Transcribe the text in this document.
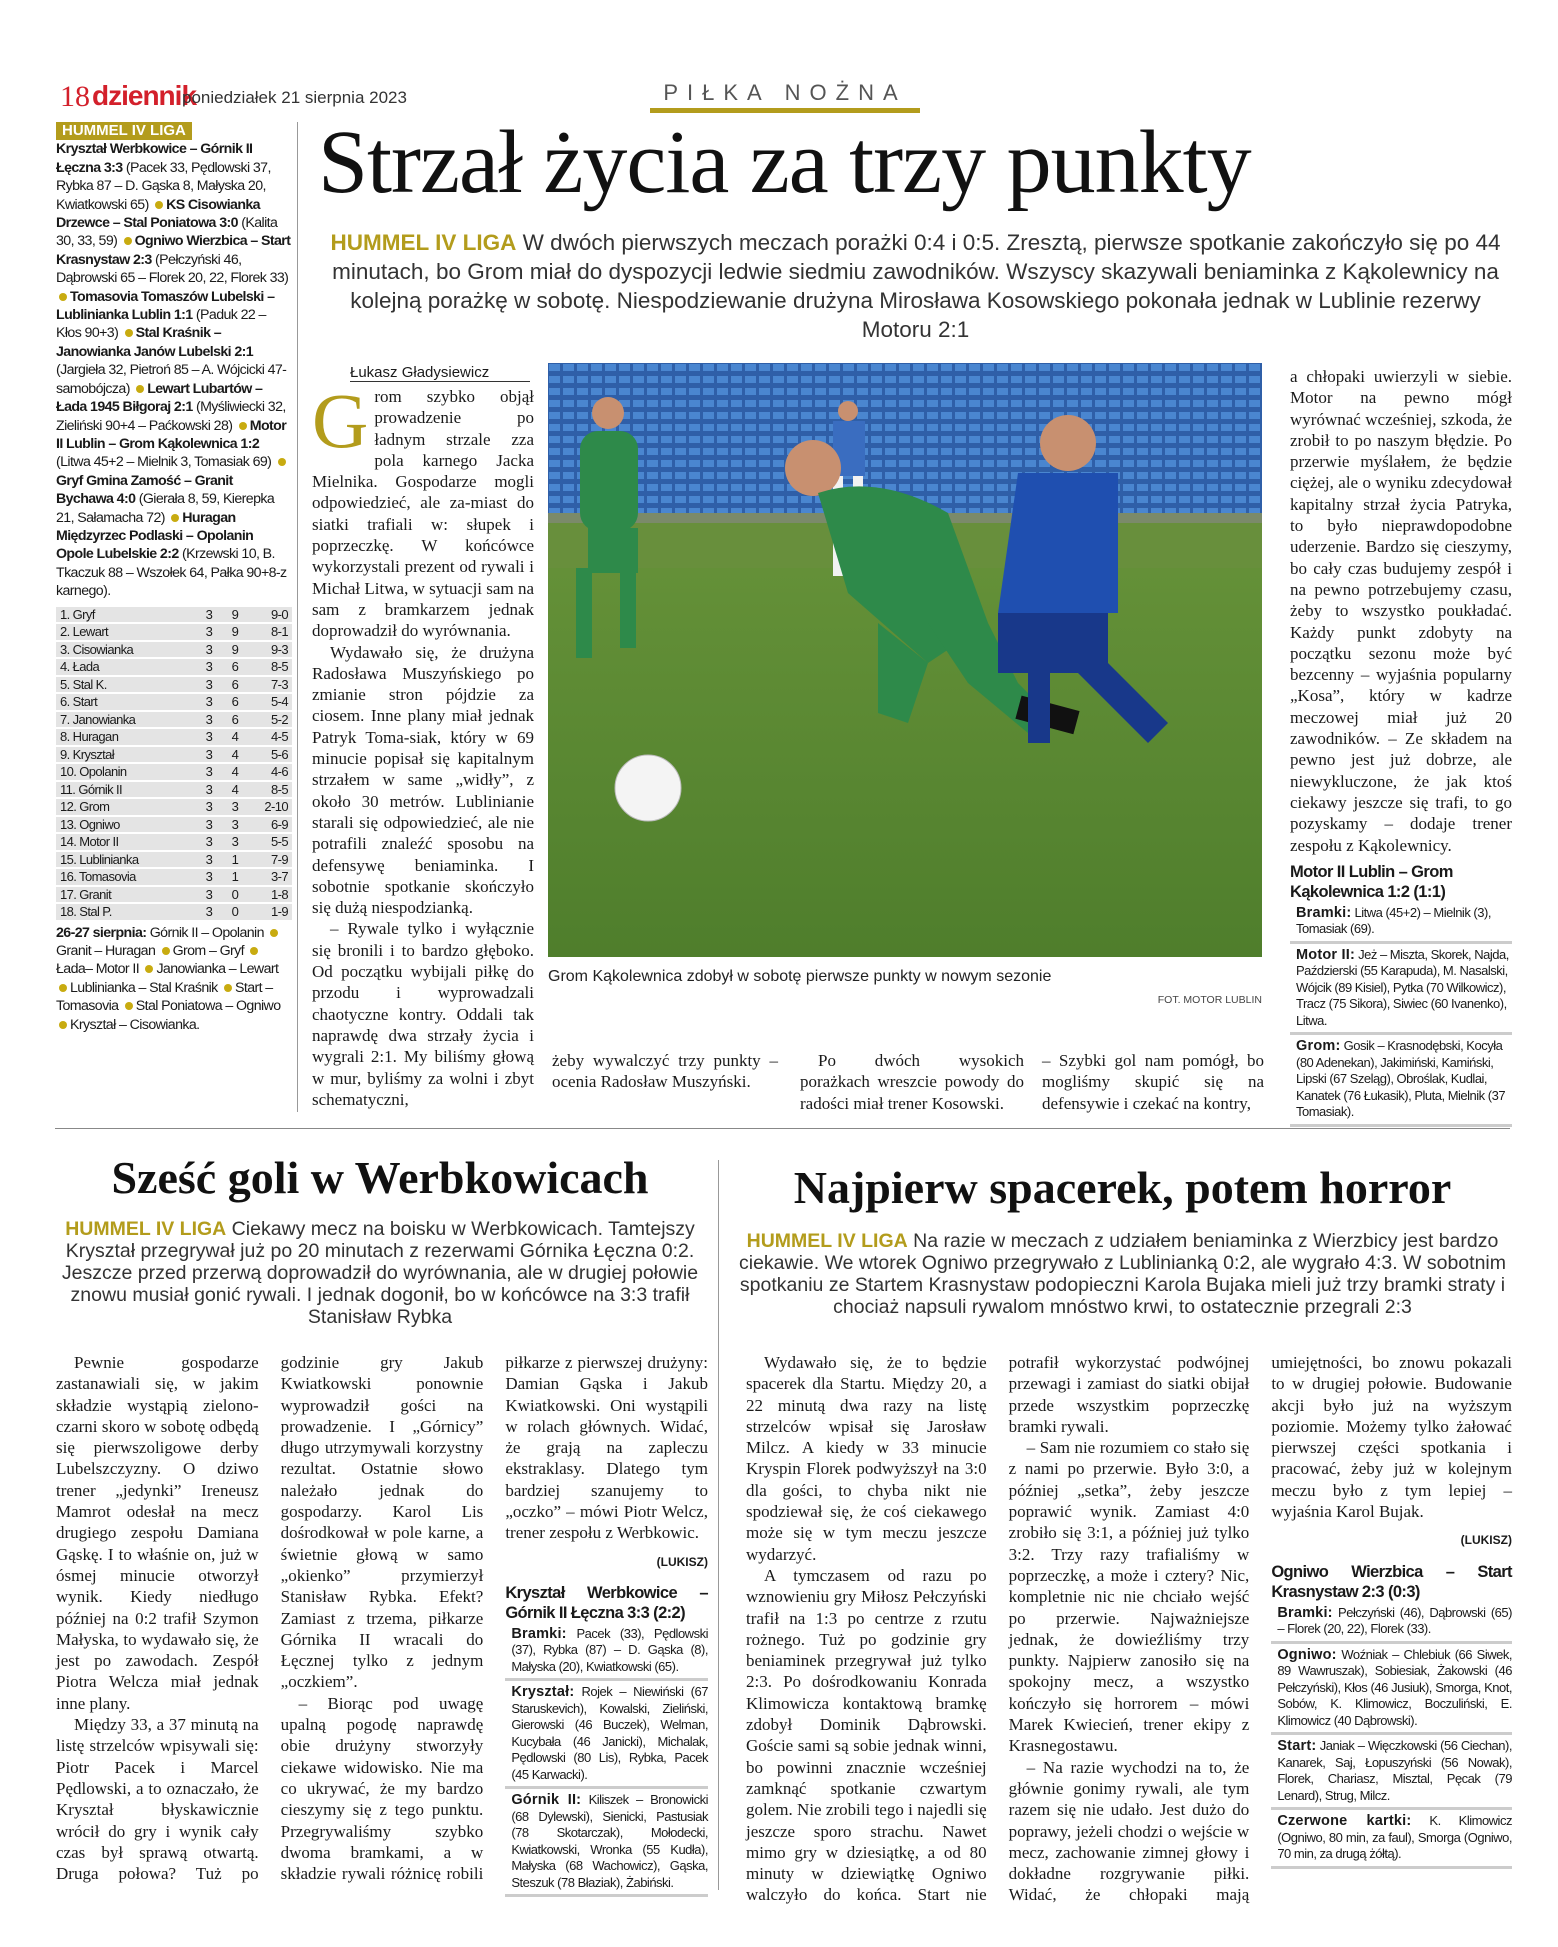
18 dziennik
poniedziałek 21 sierpnia 2023	PIŁKA NOŻNA
HUMMEL IV LIGA
Kryształ Werbkowice – Górnik II Łęczna 3:3 (Pacek 33, Pędlowski 37, Rybka 87 – D. Gąska 8, Małyska 20, Kwiatkowski 65) KS Cisowianka Drzewce – Stal Poniatowa 3:0 (Kalita 30, 33, 59) Ogniwo Wierzbica – Start Krasnystaw 2:3 (Pełczyński 46, Dąbrowski 65 – Florek 20, 22, Florek 33) Tomasovia Tomaszów Lubelski – Lublinianka Lublin 1:1 (Paduk 22 – Kłos 90+3) Stal Kraśnik – Janowianka Janów Lubelski 2:1 (Jargieła 32, Pietroń 85 – A. Wójcicki 47-samobójcza) Lewart Lubartów – Łada 1945 Biłgoraj 2:1 (Myśliwiecki 32, Zieliński 90+4 – Paćkowski 28) Motor II Lublin – Grom Kąkolewnica 1:2 (Litwa 45+2 – Mielnik 3, Tomasiak 69) Gryf Gmina Zamość – Granit Bychawa 4:0 (Gierała 8, 59, Kierepka 21, Sałamacha 72) Huragan Międzyrzec Podlaski – Opolanin Opole Lubelskie 2:2 (Krzewski 10, B. Tkaczuk 88 – Wszołek 64, Pałka 90+8-z karnego).
1. Gryf	3	9	9-0
2. Lewart	3	9	8-1
3. Cisowianka	3	9	9-3
4. Łada	3	6	8-5
5. Stal K.	3	6	7-3
6. Start	3	6	5-4
7. Janowianka	3	6	5-2
8. Huragan	3	4	4-5
9. Kryształ	3	4	5-6
10. Opolanin	3	4	4-6
11. Górnik II	3	4	8-5
12. Grom	3	3	2-10
13. Ogniwo	3	3	6-9
14. Motor II	3	3	5-5
15. Lublinianka	3	1	7-9
16. Tomasovia	3	1	3-7
17. Granit	3	0	1-8
18. Stal P.	3	0	1-9
26-27 sierpnia: Górnik II – Opolanin Granit – Huragan Grom – Gryf Łada– Motor II Janowianka – Lewart Lublinianka – Stal Kraśnik Start – Tomasovia Stal Poniatowa – Ogniwo Kryształ – Cisowianka.
Strzał życia za trzy punkty
HUMMEL IV LIGA W dwóch pierwszych meczach porażki 0:4 i 0:5. Zresztą, pierwsze spotkanie zakończyło się po 44 minutach, bo Grom miał do dyspozycji ledwie siedmiu zawodników. Wszyscy skazywali beniaminka z Kąkolewnicy na kolejną porażkę w sobotę. Niespodziewanie drużyna Mirosława Kosowskiego pokonała jednak w Lublinie rezerwy Motoru 2:1
Łukasz Gładysiewicz

Grom szybko objął prowadzenie po ładnym strzale zza pola karnego Jacka Mielnika. Gospodarze mogli odpowiedzieć, ale za-miast do siatki trafiali w: słupek i poprzeczkę. W końcówce wykorzystali prezent od rywali i Michał Litwa, w sytuacji sam na sam z bramkarzem jednak doprowadził do wyrównania.

Wydawało się, że drużyna Radosława Muszyńskiego po zmianie stron pójdzie za ciosem. Inne plany miał jednak Patryk Toma-siak, który w 69 minucie popisał się kapitalnym strzałem w same „widły”, z około 30 metrów. Lublinianie starali się odpowiedzieć, ale nie potrafili znaleźć sposobu na defensywę beniaminka. I sobotnie spotkanie skończyło się dużą niespodzianką.

– Rywale tylko i wyłącznie się bronili i to bardzo głęboko. Od początku wybijali piłkę do przodu i wyprowadzali chaotyczne kontry. Oddali tak naprawdę dwa strzały życia i wygrali 2:1. My biliśmy głową w mur, byliśmy za wolni i zbyt schematyczni,

Grom Kąkolewnica zdobył w sobotę pierwsze punkty w nowym sezonie
FOT. MOTOR LUBLIN

żeby wywalczyć trzy punkty – ocenia Radosław Muszyński.

Po dwóch wysokich porażkach wreszcie powody do radości miał trener Kosowski.

– Szybki gol nam pomógł, bo mogliśmy skupić się na defensywie i czekać na kontry,

a chłopaki uwierzyli w siebie. Motor na pewno mógł wyrównać wcześniej, szkoda, że zrobił to po naszym błędzie. Po przerwie myślałem, że będzie ciężej, ale o wyniku zdecydował kapitalny strzał życia Patryka, to było nieprawdopodobne uderzenie. Bardzo się cieszymy, bo cały czas budujemy zespół i na pewno potrzebujemy czasu, żeby to wszystko poukładać. Każdy punkt zdobyty na początku sezonu może być bezcenny – wyjaśnia popularny „Kosa”, który w kadrze meczowej miał już 20 zawodników. – Ze składem na pewno jest już dobrze, ale niewykluczone, że jak ktoś ciekawy jeszcze się trafi, to go pozyskamy – dodaje trener zespołu z Kąkolewnicy.

Motor II Lublin – Grom Kąkolewnica 1:2 (1:1)
Bramki: Litwa (45+2) – Mielnik (3), Tomasiak (69).
Motor II: Jeż – Miszta, Skorek, Najda, Paździerski (55 Karapuda), M. Nasalski, Wójcik (89 Kisiel), Pytka (70 Wilkowicz), Tracz (75 Sikora), Siwiec (60 Ivanenko), Litwa.
Grom: Gosik – Krasnodębski, Kocyła (80 Adenekan), Jakimiński, Kamiński, Lipski (67 Szeląg), Obroślak, Kudlai, Kanatek (76 Łukasik), Pluta, Mielnik (37 Tomasiak).
Sześć goli w Werbkowicach
HUMMEL IV LIGA Ciekawy mecz na boisku w Werbkowicach. Tamtejszy Kryształ przegrywał już po 20 minutach z rezerwami Górnika Łęczna 0:2. Jeszcze przed przerwą doprowadził do wyrównania, ale w drugiej połowie znowu musiał gonić rywali. I jednak dogonił, bo w końcówce na 3:3 trafił Stanisław Rybka

Pewnie gospodarze zastanawiali się, w jakim składzie wystąpią zielono-czarni skoro w sobotę odbędą się pierwszoligowe derby Lubelszczyzny. O dziwo trener „jedynki” Ireneusz Mamrot odesłał na mecz drugiego zespołu Damiana Gąskę. I to właśnie on, już w ósmej minucie otworzył wynik. Kiedy niedługo później na 0:2 trafił Szymon Małyska, to wydawało się, że jest po zawodach. Zespół Piotra Welcza miał jednak inne plany.

Między 33, a 37 minutą na listę strzelców wpisywali się: Piotr Pacek i Marcel Pędlowski, a to oznaczało, że Kryształ błyskawicznie wrócił do gry i wynik cały czas był sprawą otwartą. Druga połowa? Tuż po godzinie gry Jakub Kwiatkowski ponownie wyprowadził gości na prowadzenie. I „Górnicy” długo utrzymywali korzystny rezultat. Ostatnie słowo należało jednak do gospodarzy. Karol Lis dośrodkował w pole karne, a świetnie głową w samo „okienko” przymierzył Stanisław Rybka. Efekt? Zamiast z trzema, piłkarze Górnika II wracali do Łęcznej tylko z jednym „oczkiem”.

– Biorąc pod uwagę upalną pogodę naprawdę obie drużyny stworzyły ciekawe widowisko. Nie ma co ukrywać, że my bardzo cieszymy się z tego punktu. Przegrywaliśmy szybko dwoma bramkami, a w składzie rywali różnicę robili piłkarze z pierwszej drużyny: Damian Gąska i Jakub Kwiatkowski. Oni wystąpili w rolach głównych. Widać, że grają na zapleczu ekstraklasy. Dlatego tym bardziej szanujemy to „oczko” – mówi Piotr Welcz, trener zespołu z Werbkowic.

(LUKISZ)
Kryształ Werbkowice – Górnik II Łęczna 3:3 (2:2)
Bramki: Pacek (33), Pędlowski (37), Rybka (87) – D. Gąska (8), Małyska (20), Kwiatkowski (65).
Kryształ: Rojek – Niewiński (67 Staruskevich), Kowalski, Zieliński, Gierowski (46 Buczek), Welman, Kucybała (46 Janicki), Michalak, Pędlowski (80 Lis), Rybka, Pacek (45 Karwacki).
Górnik II: Kiliszek – Bronowicki (68 Dylewski), Sienicki, Pastusiak (78 Skotarczak), Mołodecki, Kwiatkowski, Wronka (55 Kudła), Małyska (68 Wachowicz), Gąska, Steszuk (78 Błaziak), Żabiński.
Najpierw spacerek, potem horror
HUMMEL IV LIGA Na razie w meczach z udziałem beniaminka z Wierzbicy jest bardzo ciekawie. We wtorek Ogniwo przegrywało z Lublinianką 0:2, ale wygrało 4:3. W sobotnim spotkaniu ze Startem Krasnystaw podopieczni Karola Bujaka mieli już trzy bramki straty i chociaż napsuli rywalom mnóstwo krwi, to ostatecznie przegrali 2:3

Wydawało się, że to będzie spacerek dla Startu. Między 20, a 22 minutą dwa razy na listę strzelców wpisał się Jarosław Milcz. A kiedy w 33 minucie Kryspin Florek podwyższył na 3:0 dla gości, to chyba nikt nie spodziewał się, że coś ciekawego może się w tym meczu jeszcze wydarzyć.

A tymczasem od razu po wznowieniu gry Miłosz Pełczyński trafił na 1:3 po centrze z rzutu rożnego. Tuż po godzinie gry beniaminek przegrywał już tylko 2:3. Po dośrodkowaniu Konrada Klimowicza kontaktową bramkę zdobył Dominik Dąbrowski. Goście sami są sobie jednak winni, bo powinni znacznie wcześniej zamknąć spotkanie czwartym golem. Nie zrobili tego i najedli się jeszcze sporo strachu. Nawet mimo gry w dziesiątkę, a od 80 minuty w dziewiątkę Ogniwo walczyło do końca. Start nie potrafił wykorzystać podwójnej przewagi i zamiast do siatki obijał przede wszystkim poprzeczkę bramki rywali.

– Sam nie rozumiem co stało się z nami po przerwie. Było 3:0, a później „setka”, żeby jeszcze poprawić wynik. Zamiast 4:0 zrobiło się 3:1, a później już tylko 3:2. Trzy razy trafialiśmy w poprzeczkę, a może i cztery? Nic, kompletnie nic nie chciało wejść po przerwie. Najważniejsze jednak, że dowieźliśmy trzy punkty. Najpierw zanosiło się na spokojny mecz, a wszystko kończyło się horrorem – mówi Marek Kwiecień, trener ekipy z Krasnegostawu.

– Na razie wychodzi na to, że głównie gonimy rywali, ale tym razem się nie udało. Jest dużo do poprawy, jeżeli chodzi o wejście w mecz, zachowanie zimnej głowy i dokładne rozgrywanie piłki. Widać, że chłopaki mają umiejętności, bo znowu pokazali to w drugiej połowie. Budowanie akcji było już na wyższym poziomie. Możemy tylko żałować pierwszej części spotkania i pracować, żeby już w kolejnym meczu było z tym lepiej – wyjaśnia Karol Bujak.

(LUKISZ)
Ogniwo Wierzbica – Start Krasnystaw 2:3 (0:3)
Bramki: Pełczyński (46), Dąbrowski (65) – Florek (20, 22), Florek (33).
Ogniwo: Woźniak – Chlebiuk (66 Siwek, 89 Wawruszak), Sobiesiak, Żakowski (46 Pełczyński), Kłos (46 Jusiuk), Smorga, Knot, Sobów, K. Klimowicz, Boczuliński, E. Klimowicz (40 Dąbrowski).
Start: Janiak – Więczkowski (56 Ciechan), Kanarek, Saj, Łopuszyński (56 Nowak), Florek, Chariasz, Misztal, Pęcak (79 Lenard), Strug, Milcz.
Czerwone kartki: K. Klimowicz (Ogniwo, 80 min, za faul), Smorga (Ogniwo, 70 min, za drugą żółtą).
